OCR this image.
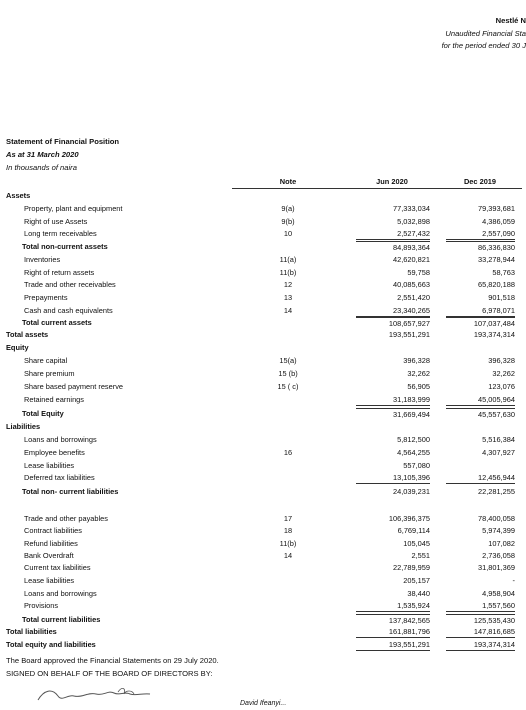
Nestlé N
Unaudited Financial Sta
for the period ended 30 J
Statement of Financial Position
As at 31 March 2020
In thousands of naira
Note	Jun 2020	Dec 2019
Assets
Property, plant and equipment	9(a)	77,333,034	79,393,681
Right of use Assets	9(b)	5,032,898	4,386,059
Long term receivables	10	2,527,432	2,557,090
Total non-current assets	84,893,364	86,336,830
Inventories	11(a)	42,620,821	33,278,944
Right of return assets	11(b)	59,758	58,763
Trade and other receivables	12	40,085,663	65,820,188
Prepayments	13	2,551,420	901,518
Cash and cash equivalents	14	23,340,265	6,978,071
Total current assets	108,657,927	107,037,484
Total assets	193,551,291	193,374,314
Equity
Share capital	15(a)	396,328	396,328
Share premium	15 (b)	32,262	32,262
Share based payment reserve	15 ( c)	56,905	123,076
Retained earnings	31,183,999	45,005,964
Total Equity	31,669,494	45,557,630
Liabilities
Loans and borrowings	5,812,500	5,516,384
Employee benefits	16	4,564,255	4,307,927
Lease liabilities	557,080
Deferred tax liabilities	13,105,396	12,456,944
Total non- current liabilities	24,039,231	22,281,255
Trade and other payables	17	106,396,375	78,400,058
Contract liabilities	18	6,769,114	5,974,399
Refund liabilities	11(b)	105,045	107,082
Bank Overdraft	14	2,551	2,736,058
Current tax liabilities	22,789,959	31,801,369
Lease liabilities	205,157	-
Loans and borrowings	38,440	4,958,904
Provisions	1,535,924	1,557,560
Total current liabilities	137,842,565	125,535,430
Total liabilities	161,881,796	147,816,685
Total equity and liabilities	193,551,291	193,374,314
The Board approved the Financial Statements on 29 July 2020.
SIGNED ON BEHALF OF THE BOARD OF DIRECTORS BY:
David Ifeanyi...
